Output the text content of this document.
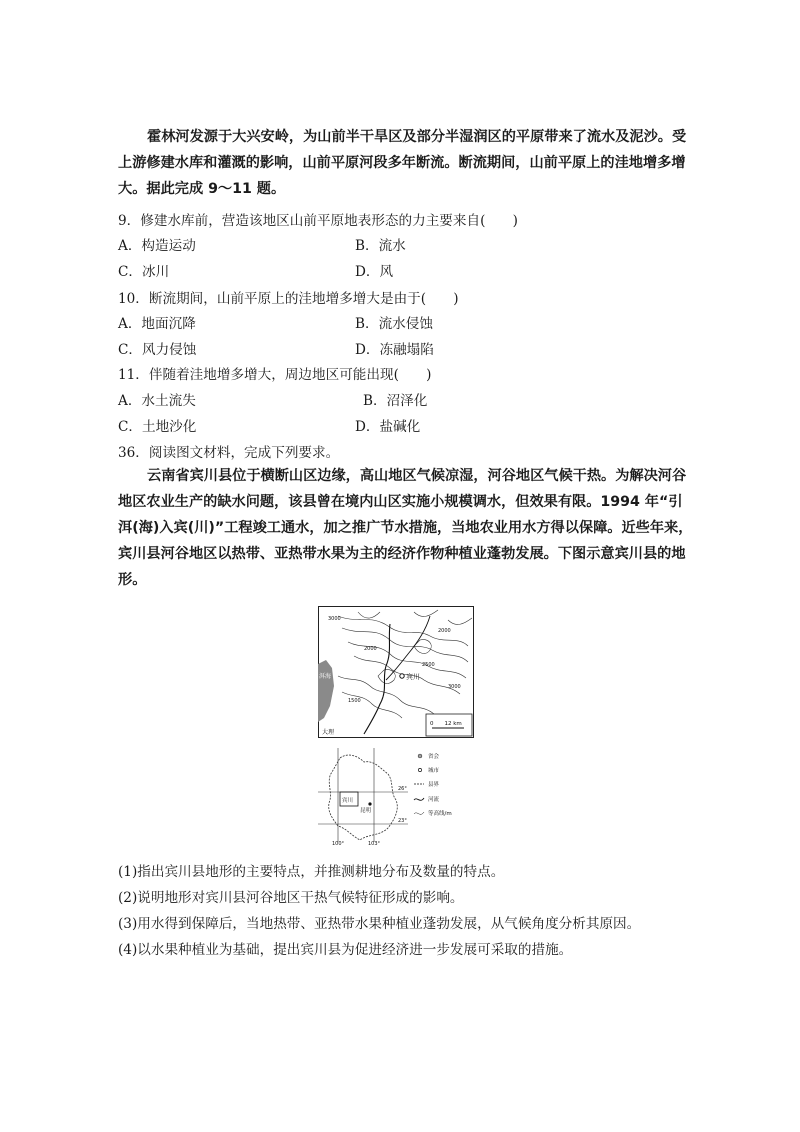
霍林河发源于大兴安岭，为山前半干旱区及部分半湿润区的平原带来了流水及泥沙。受上游修建水库和灌溉的影响，山前平原河段多年断流。断流期间，山前平原上的洼地增多增大。据此完成 9～11 题。
9．修建水库前，营造该地区山前平原地表形态的力主要来自(　　)
A．构造运动	B．流水
C．冰川	D．风
10．断流期间，山前平原上的洼地增多增大是由于(　　)
A．地面沉降	B．流水侵蚀
C．风力侵蚀	D．冻融塌陷
11．伴随着洼地增多增大，周边地区可能出现(　　)
A．水土流失	B．沼泽化
C．土地沙化	D．盐碱化
36．阅读图文材料，完成下列要求。
云南省宾川县位于横断山区边缘，高山地区气候凉湿，河谷地区气候干热。为解决河谷地区农业生产的缺水问题，该县曾在境内山区实施小规模调水，但效果有限。1994 年“引洱(海)入宾(川)”工程竣工通水，加之推广节水措施，当地农业用水方得以保障。近些年来，宾川县河谷地区以热带、亚热带水果为主的经济作物种植业蓬勃发展。下图示意宾川县的地形。
宾川
洱海
大理
3000
2000
2500
1500
2000
3000
0　　12 km
宾川
昆明
26°
23°
100°	103°
省会
城市
县界
河流
等高线/m
(1)指出宾川县地形的主要特点，并推测耕地分布及数量的特点。
(2)说明地形对宾川县河谷地区干热气候特征形成的影响。
(3)用水得到保障后，当地热带、亚热带水果种植业蓬勃发展，从气候角度分析其原因。
(4)以水果种植业为基础，提出宾川县为促进经济进一步发展可采取的措施。
